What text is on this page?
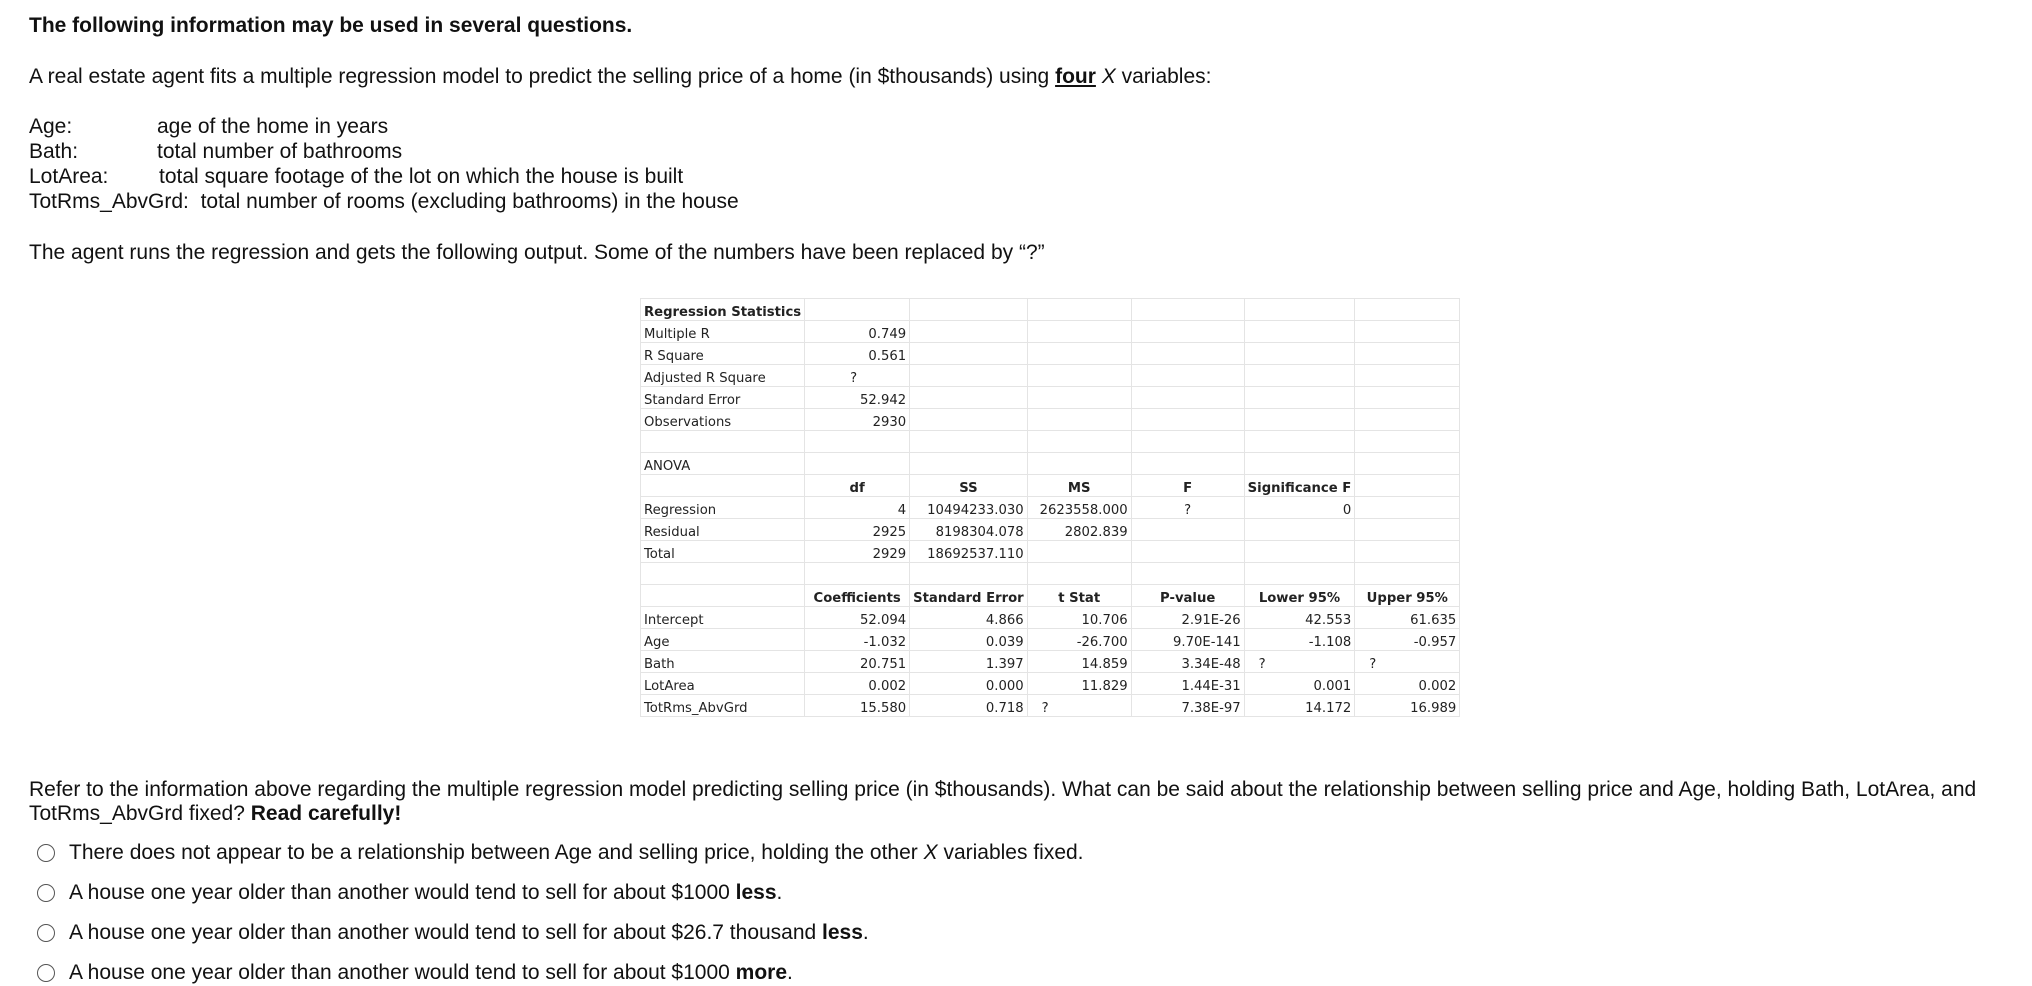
The following information may be used in several questions.
A real estate agent fits a multiple regression model to predict the selling price of a home (in $thousands) using four X variables:
Age:	age of the home in years
Bath:	total number of bathrooms
LotArea: total square footage of the lot on which the house is built
TotRms_AbvGrd: total number of rooms (excluding bathrooms) in the house
The agent runs the regression and gets the following output. Some of the numbers have been replaced by “?”
Regression Statistics						
Multiple R	0.749					
R Square	0.561					
Adjusted R Square	?					
Standard Error	52.942					
Observations	2930					

ANOVA						
	df	SS	MS	F	Significance F	
Regression	4	10494233.030	2623558.000	?	0	
Residual	2925	8198304.078	2802.839			
Total	2929	18692537.110				

	Coefficients	Standard Error	t Stat	P-value	Lower 95%	Upper 95%
Intercept	52.094	4.866	10.706	2.91E-26	42.553	61.635
Age	-1.032	0.039	-26.700	9.70E-141	-1.108	-0.957
Bath	20.751	1.397	14.859	3.34E-48	?	?
LotArea	0.002	0.000	11.829	1.44E-31	0.001	0.002
TotRms_AbvGrd	15.580	0.718	?	7.38E-97	14.172	16.989
Refer to the information above regarding the multiple regression model predicting selling price (in $thousands). What can be said about the relationship between selling price and Age, holding Bath, LotArea, and
TotRms_AbvGrd fixed? Read carefully!
There does not appear to be a relationship between Age and selling price, holding the other X variables fixed.
A house one year older than another would tend to sell for about $1000 less.
A house one year older than another would tend to sell for about $26.7 thousand less.
A house one year older than another would tend to sell for about $1000 more.
